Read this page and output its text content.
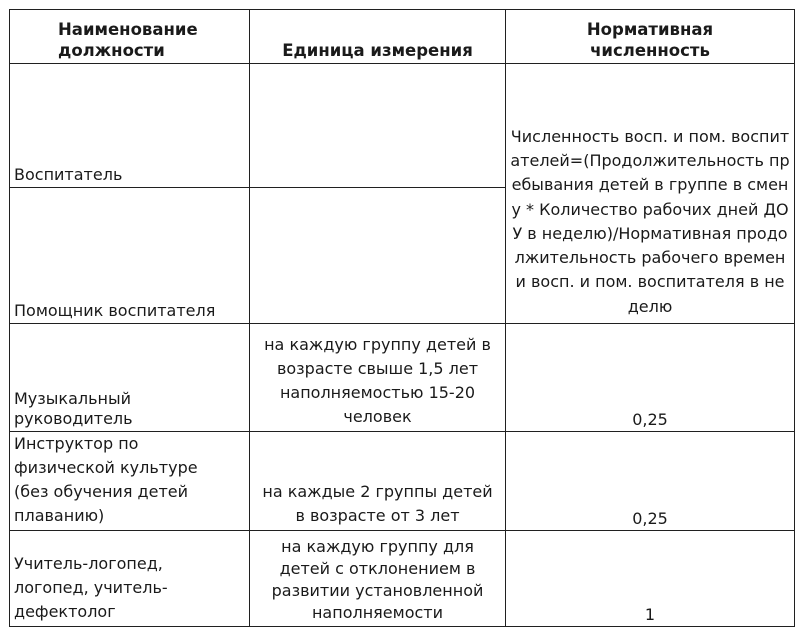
Наименование должности	Единица измерения	Нормативная численность
Воспитатель		Численность восп. и пом. воспитателей=(Продолжительность пребывания детей в группе в смену * Количество рабочих дней ДОУ в неделю)/Нормативная продолжительность рабочего времени восп. и пом. воспитателя в неделю
Помощник воспитателя		

Музыкальный руководитель	на каждую группу детей в возрасте свыше 1,5 лет наполняемостью 15-20 человек	0,25

Инструктор по физической культуре (без обучения детей плаванию)	на каждые 2 группы детей в возрасте от 3 лет	0,25

Учитель-логопед, логопед, учитель-дефектолог	на каждую группу для детей с отклонением в развитии установленной наполняемости	1
